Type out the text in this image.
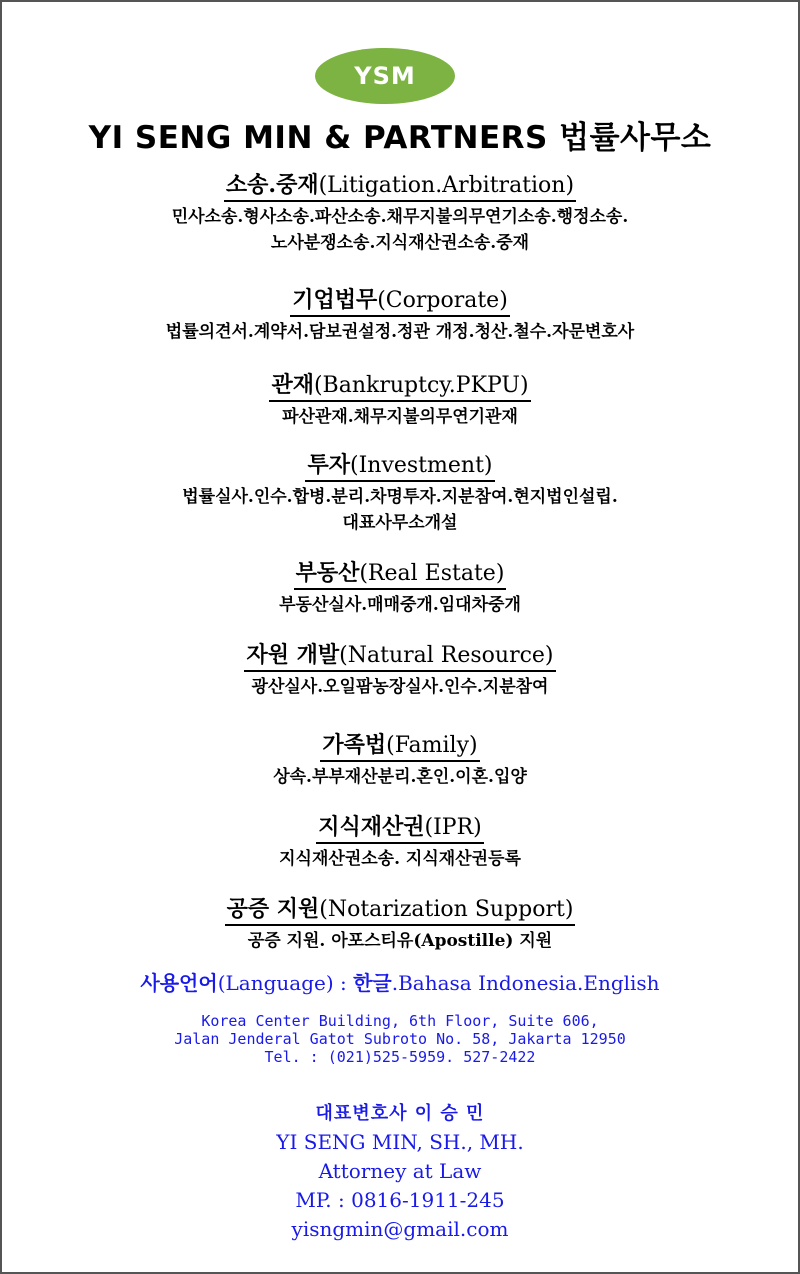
YSM
YI SENG MIN & PARTNERS 법률사무소
소송.중재(Litigation.Arbitration)
민사소송.형사소송.파산소송.채무지불의무연기소송.행정소송.
노사분쟁소송.지식재산권소송.중재
기업법무(Corporate)
법률의견서.계약서.담보권설정.정관 개정.청산.철수.자문변호사
관재(Bankruptcy.PKPU)
파산관재.채무지불의무연기관재
투자(Investment)
법률실사.인수.합병.분리.차명투자.지분참여.현지법인설립.
대표사무소개설
부동산(Real Estate)
부동산실사.매매중개.임대차중개
자원 개발(Natural Resource)
광산실사.오일팜농장실사.인수.지분참여
가족법(Family)
상속.부부재산분리.혼인.이혼.입양
지식재산권(IPR)
지식재산권소송. 지식재산권등록
공증 지원(Notarization Support)
공증 지원. 아포스티유(Apostille) 지원
사용언어(Language) : 한글.Bahasa Indonesia.English
Korea Center Building, 6th Floor, Suite 606,
Jalan Jenderal Gatot Subroto No. 58, Jakarta 12950
Tel. : (021)525-5959. 527-2422
대표변호사 이 승 민
YI SENG MIN, SH., MH.
Attorney at Law
MP. : 0816-1911-245
yisngmin@gmail.com
